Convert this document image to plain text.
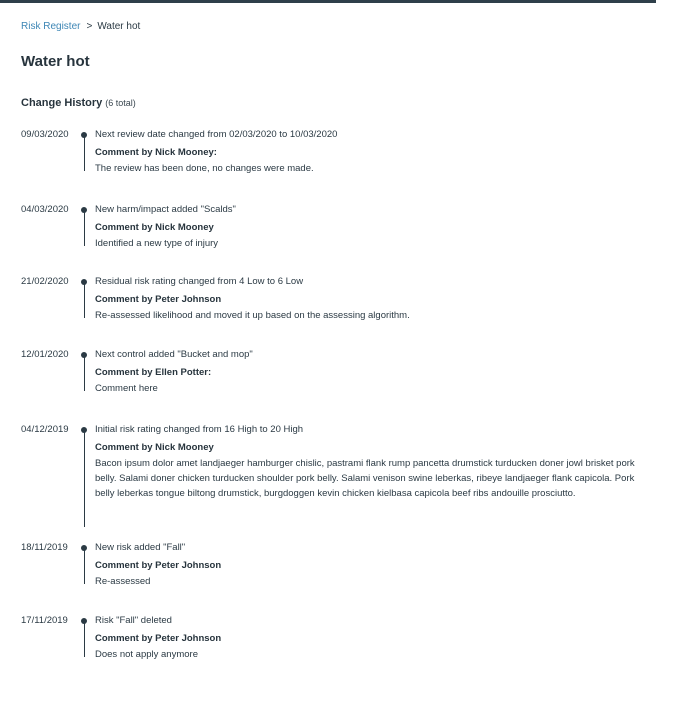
Risk Register > Water hot
Water hot
Change History (6 total)
09/03/2020	Next review date changed from 02/03/2020 to 10/03/2020
Comment by Nick Mooney:
The review has been done, no changes were made.
04/03/2020	New harm/impact added "Scalds"
Comment by Nick Mooney
Identified a new type of injury
21/02/2020	Residual risk rating changed from 4 Low to 6 Low
Comment by Peter Johnson
Re-assessed likelihood and moved it up based on the assessing algorithm.
12/01/2020	Next control added "Bucket and mop"
Comment by Ellen Potter:
Comment here
04/12/2019	Initial risk rating changed from 16 High to 20 High
Comment by Nick Mooney
Bacon ipsum dolor amet landjaeger hamburger chislic, pastrami flank rump pancetta drumstick turducken doner jowl brisket pork belly. Salami doner chicken turducken shoulder pork belly. Salami venison swine leberkas, ribeye landjaeger flank capicola. Pork belly leberkas tongue biltong drumstick, burgdoggen kevin chicken kielbasa capicola beef ribs andouille prosciutto.
18/11/2019	New risk added "Fall"
Comment by Peter Johnson
Re-assessed
17/11/2019	Risk "Fall" deleted
Comment by Peter Johnson
Does not apply anymore
